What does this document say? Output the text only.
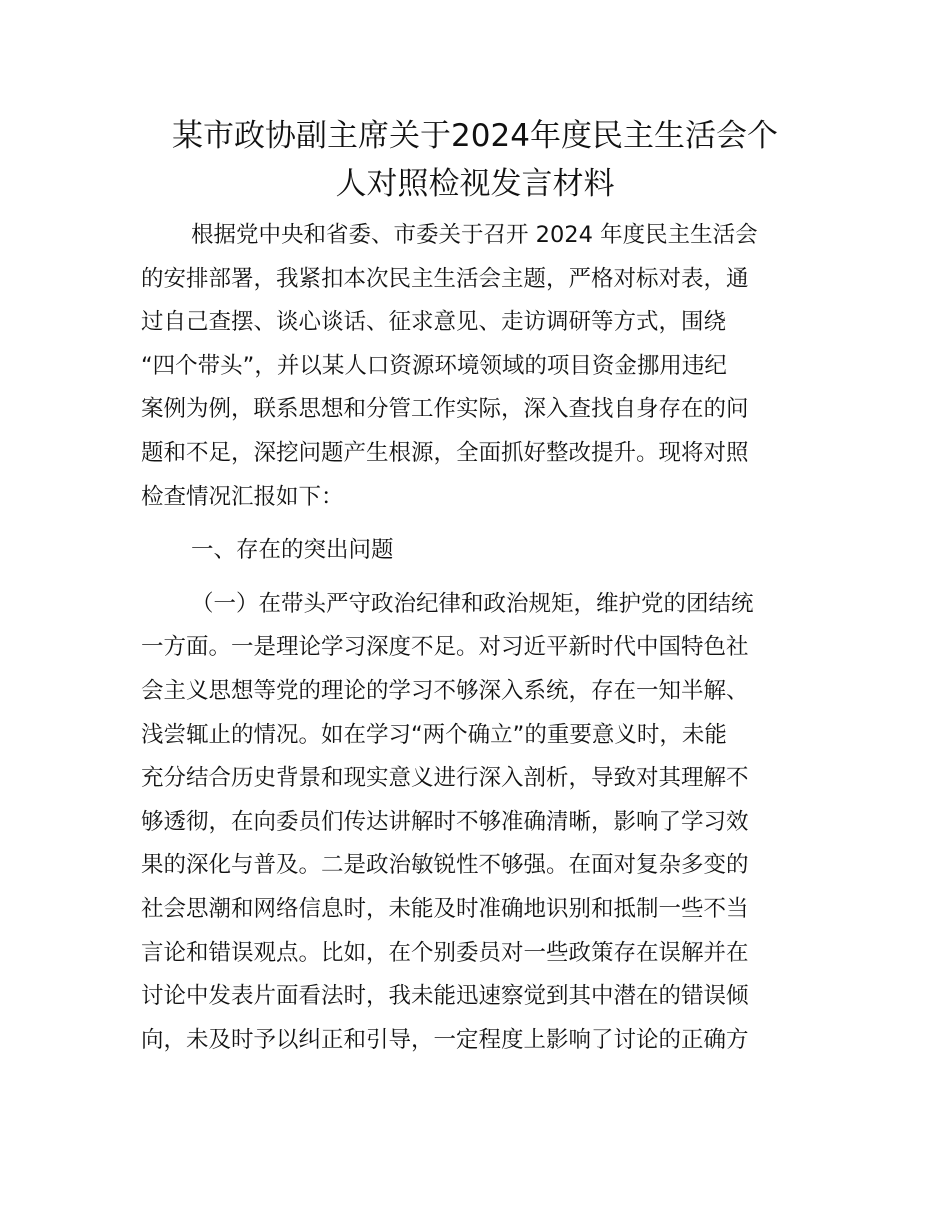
某市政协副主席关于2024年度民主生活会个
人对照检视发言材料

根据党中央和省委、市委关于召开 2024 年度民主生活会
的安排部署，我紧扣本次民主生活会主题，严格对标对表，通
过自己查摆、谈心谈话、征求意见、走访调研等方式，围绕
“四个带头”，并以某人口资源环境领域的项目资金挪用违纪
案例为例，联系思想和分管工作实际，深入查找自身存在的问
题和不足，深挖问题产生根源，全面抓好整改提升。现将对照
检查情况汇报如下：

一、存在的突出问题

（一）在带头严守政治纪律和政治规矩，维护党的团结统
一方面。一是理论学习深度不足。对习近平新时代中国特色社
会主义思想等党的理论的学习不够深入系统，存在一知半解、
浅尝辄止的情况。如在学习“两个确立”的重要意义时，未能
充分结合历史背景和现实意义进行深入剖析，导致对其理解不
够透彻，在向委员们传达讲解时不够准确清晰，影响了学习效
果的深化与普及。二是政治敏锐性不够强。在面对复杂多变的
社会思潮和网络信息时，未能及时准确地识别和抵制一些不当
言论和错误观点。比如，在个别委员对一些政策存在误解并在
讨论中发表片面看法时，我未能迅速察觉到其中潜在的错误倾
向，未及时予以纠正和引导，一定程度上影响了讨论的正确方
